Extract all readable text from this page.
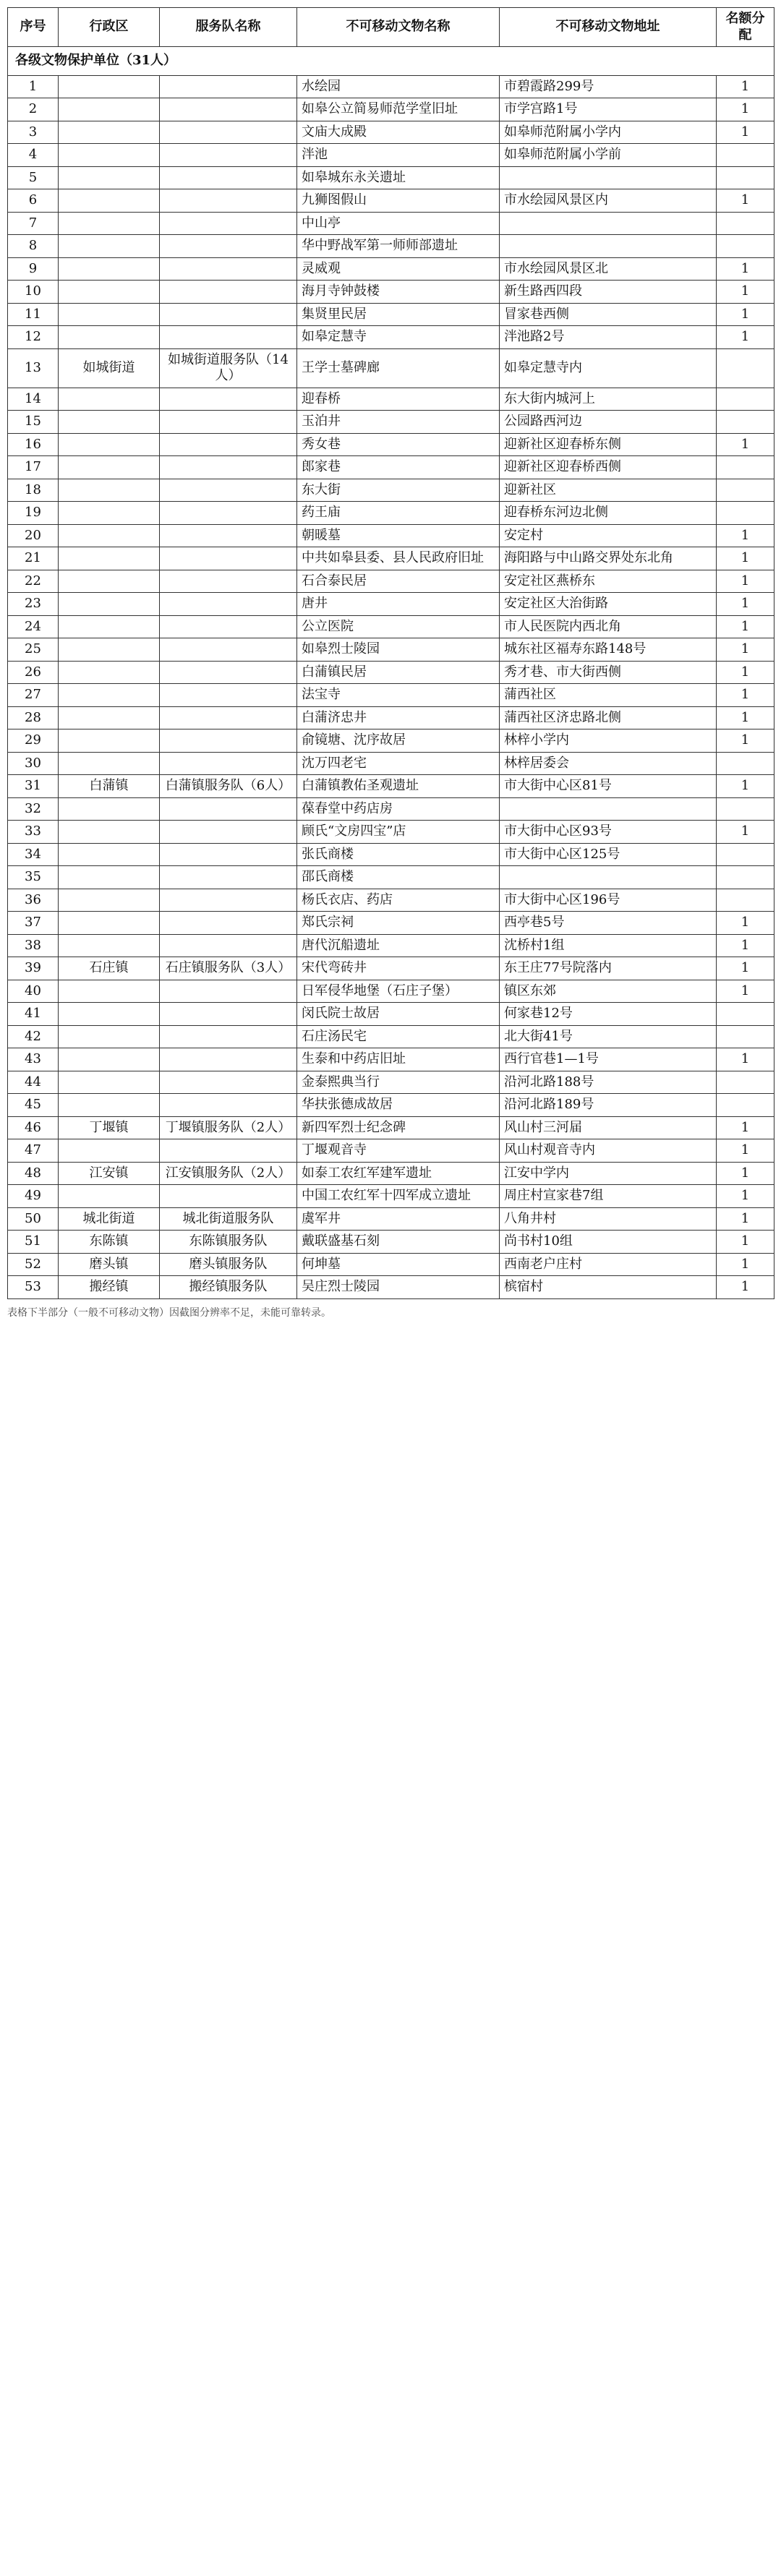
序号	行政区	服务队名称	不可移动文物名称	不可移动文物地址	名额分配
各级文物保护单位（31人）					
1			水绘园	市碧霞路299号	1
2			如皋公立简易师范学堂旧址	市学宫路1号	1
3			文庙大成殿	如皋师范附属小学内	1
4			泮池	如皋师范附属小学前	
5			如皋城东永关遗址		
6			九狮图假山	市水绘园风景区内	1
7			中山亭		
8			华中野战军第一师师部遗址		
9			灵威观	市水绘园风景区北	1
10			海月寺钟鼓楼	新生路西四段	1
11			集贤里民居	冒家巷西侧	1
12			如皋定慧寺	泮池路2号	1
13	如城街道	如城街道服务队（14人）	王学士墓碑廊	如皋定慧寺内	
14			迎春桥	东大街内城河上	
15			玉泊井	公园路西河边	
16			秀女巷	迎新社区迎春桥东侧	1
17			郎家巷	迎新社区迎春桥西侧	
18			东大街	迎新社区	
19			药王庙	迎春桥东河边北侧	
20			朝暖墓	安定村	1
21			中共如皋县委、县人民政府旧址	海阳路与中山路交界处东北角	1
22			石合泰民居	安定社区燕桥东	1
23			唐井	安定社区大治街路	1
24			公立医院	市人民医院内西北角	1
25			如皋烈士陵园	城东社区福寿东路148号	1
26			白蒲镇民居	秀才巷、市大街西侧	1
27			法宝寺	蒲西社区	1
28			白蒲济忠井	蒲西社区济忠路北侧	1
29			俞镜塘、沈序故居	林梓小学内	1
30			沈万四老宅	林梓居委会	
31	白蒲镇	白蒲镇服务队（6人）	白蒲镇教佑圣观遗址	市大街中心区81号	1
32			葆春堂中药店房		
33			顾氏“文房四宝”店	市大街中心区93号	1
34			张氏商楼	市大街中心区125号	
35			邵氏商楼		
36			杨氏衣店、药店	市大街中心区196号	
37			郑氏宗祠	西亭巷5号	1
38			唐代沉船遗址	沈桥村1组	1
39	石庄镇	石庄镇服务队（3人）	宋代弯砖井	东王庄77号院落内	1
40			日军侵华地堡（石庄子堡）	镇区东郊	1
41			闵氏院士故居	何家巷12号	
42			石庄汤民宅	北大街41号	
43			生泰和中药店旧址	西行官巷1—1号	1
44			金泰熙典当行	沿河北路188号	
45			华扶张德成故居	沿河北路189号	
46	丁堰镇	丁堰镇服务队（2人）	新四军烈士纪念碑	风山村三河届	1
47			丁堰观音寺	风山村观音寺内	1
48	江安镇	江安镇服务队（2人）	如泰工农红军建军遗址	江安中学内	1
49			中国工农红军十四军成立遗址	周庄村宣家巷7组	1
50	城北街道	城北街道服务队	虞军井	八角井村	1
51	东陈镇	东陈镇服务队	戴联盛基石刻	尚书村10组	1
52	磨头镇	磨头镇服务队	何坤墓	西南老户庄村	1
53	搬经镇	搬经镇服务队	吴庄烈士陵园	槟宿村	1
表格下半部分（一般不可移动文物）因截图分辨率不足，未能可靠转录。
